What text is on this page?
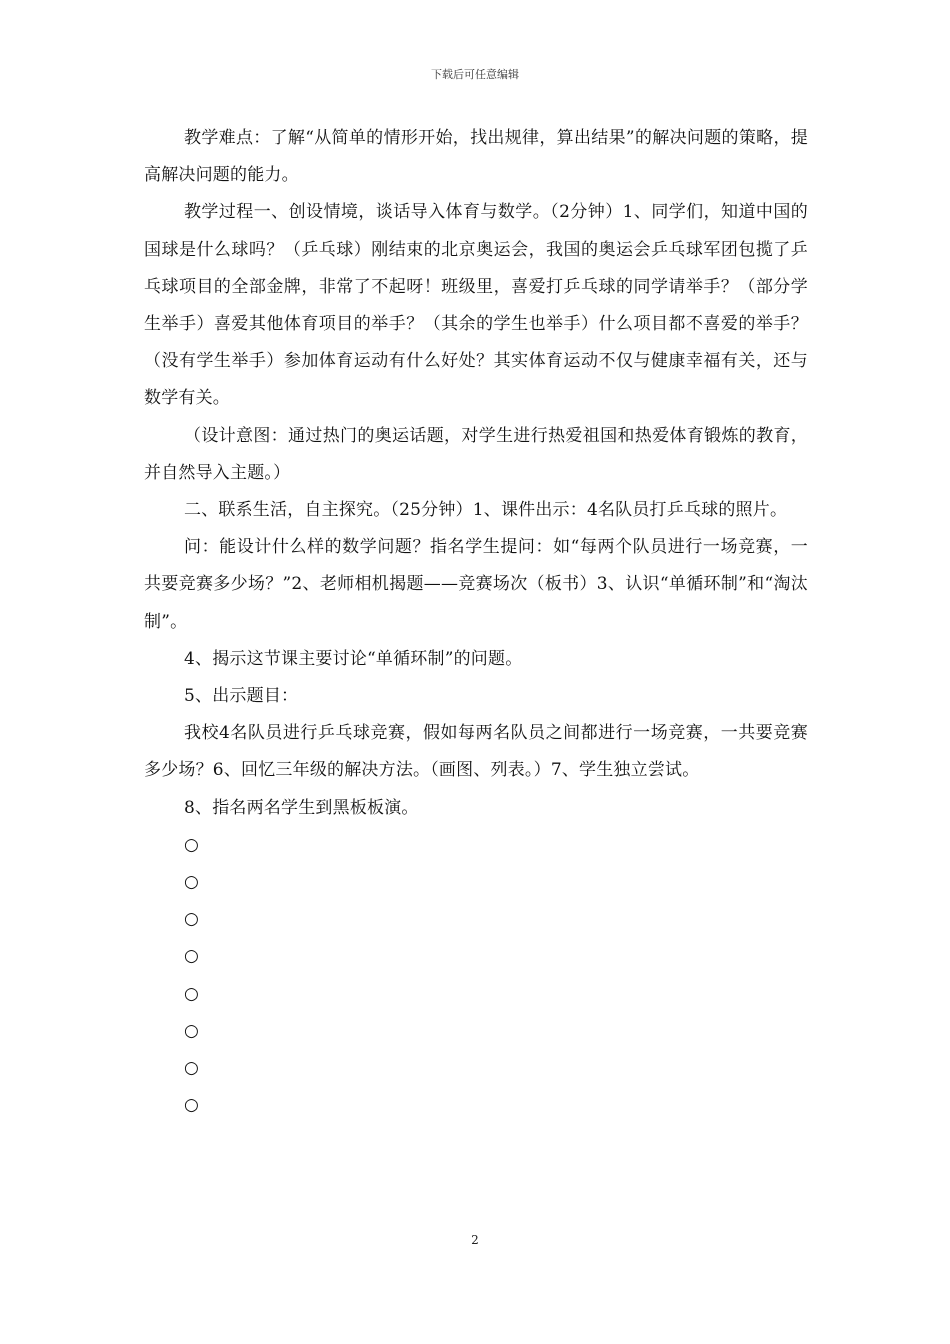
下载后可任意编辑

教学难点：了解“从简单的情形开始，找出规律，算出结果”的解决问题的策略，提高解决问题的能力。

教学过程一、创设情境，谈话导入体育与数学。（2分钟）1、同学们，知道中国的国球是什么球吗？（乒乓球）刚结束的北京奥运会，我国的奥运会乒乓球军团包揽了乒乓球项目的全部金牌，非常了不起呀！班级里，喜爱打乒乓球的同学请举手？（部分学生举手）喜爱其他体育项目的举手？（其余的学生也举手）什么项目都不喜爱的举手？（没有学生举手）参加体育运动有什么好处？其实体育运动不仅与健康幸福有关，还与数学有关。

（设计意图：通过热门的奥运话题，对学生进行热爱祖国和热爱体育锻炼的教育，并自然导入主题。）

二、联系生活，自主探究。（25分钟）1、课件出示：4名队员打乒乓球的照片。

问：能设计什么样的数学问题？指名学生提问：如“每两个队员进行一场竞赛，一共要竞赛多少场？”2、老师相机揭题——竞赛场次（板书）3、认识“单循环制”和“淘汰制”。

4、揭示这节课主要讨论“单循环制”的问题。

5、出示题目：

我校4名队员进行乒乓球竞赛，假如每两名队员之间都进行一场竞赛，一共要竞赛多少场？6、回忆三年级的解决方法。（画图、列表。）7、学生独立尝试。

8、指名两名学生到黑板板演。

○

○

○

○

○

○

○

○

2
